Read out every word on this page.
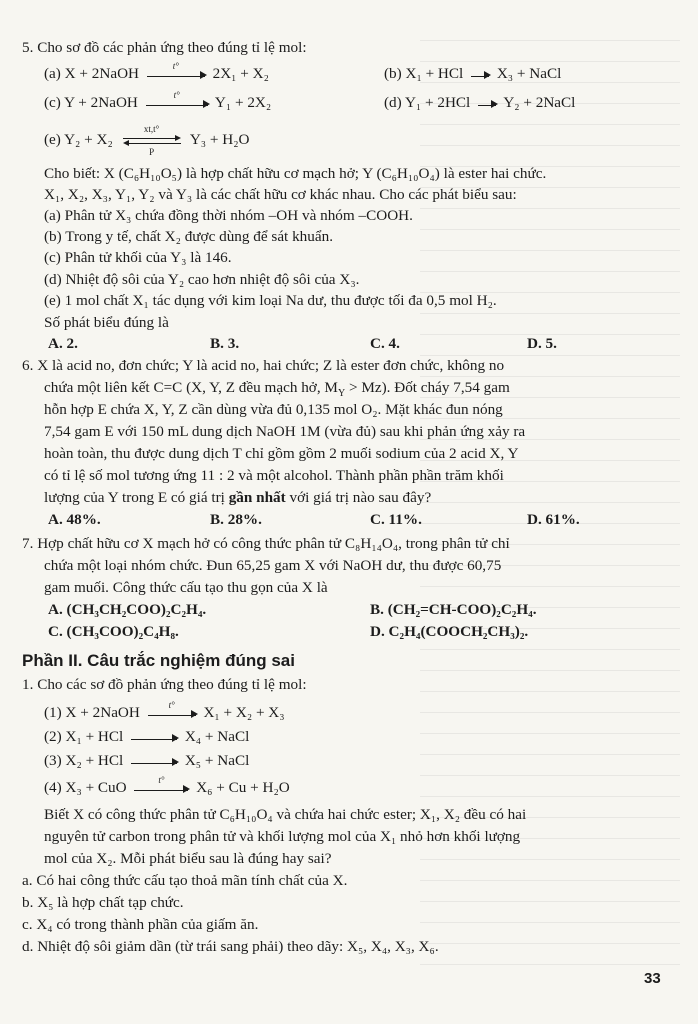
5. Cho sơ đồ các phản ứng theo đúng tỉ lệ mol:
(a) X + 2NaOH	t°	2X₁ + X₂	(b) X₁ + HCl X₃ + NaCl
(c) Y + 2NaOH	t°	Y₁ + 2X₂	(d) Y₁ + 2HCl Y₂ + 2NaCl
(e) Y₂ + X₂
xt,t°
P
Y₃ + H₂O
Cho biết: X (C₆H₁₀O₅) là hợp chất hữu cơ mạch hở; Y (C₆H₁₀O₄) là ester hai chức.
X₁, X₂, X₃, Y₁, Y₂ và Y₃ là các chất hữu cơ khác nhau. Cho các phát biểu sau:
(a) Phân tử X₃ chứa đồng thời nhóm –OH và nhóm –COOH.
(b) Trong y tế, chất X₂ được dùng để sát khuẩn.
(c) Phân tử khối của Y₃ là 146.
(d) Nhiệt độ sôi của Y₂ cao hơn nhiệt độ sôi của X₃.
(e) 1 mol chất X₁ tác dụng với kim loại Na dư, thu được tối đa 0,5 mol H₂.
Số phát biểu đúng là
A. 2.	B. 3.	C. 4.	D. 5.
6. X là acid no, đơn chức; Y là acid no, hai chức; Z là ester đơn chức, không no
chứa một liên kết C=C (X, Y, Z đều mạch hở, $M_Y > Mz$). Đốt cháy 7,54 gam
hỗn hợp E chứa X, Y, Z cần dùng vừa đủ 0,135 mol O₂. Mặt khác đun nóng
7,54 gam E với 150 mL dung dịch NaOH 1M (vừa đủ) sau khi phản ứng xảy ra
hoàn toàn, thu được dung dịch T chỉ gồm gồm 2 muối sodium của 2 acid X, Y
có tỉ lệ số mol tương ứng 11 : 2 và một alcohol. Thành phần phần trăm khối
lượng của Y trong E có giá trị gần nhất với giá trị nào sau đây?
A. 48%.	B. 28%.	C. 11%.	D. 61%.
7. Hợp chất hữu cơ X mạch hở có công thức phân tử C₈H₁₄O₄, trong phân tử chỉ
chứa một loại nhóm chức. Đun 65,25 gam X với NaOH dư, thu được 60,75
gam muối. Công thức cấu tạo thu gọn của X là
A. (CH₃CH₂COO)₂C₂H₄.	B. (CH₂=CH-COO)₂C₂H₄.
C. (CH₃COO)₂C₄H₈.	D. C₂H₄(COOCH₂CH₃)₂.
Phần II. Câu trắc nghiệm đúng sai
1. Cho các sơ đồ phản ứng theo đúng tỉ lệ mol:
(1) X + 2NaOH	t°	X₁ + X₂ + X₃
(2) X₁ + HCl	X₄ + NaCl
(3) X₂ + HCl	X₅ + NaCl
(4) X₃ + CuO	t°	X₆ + Cu + H₂O
Biết X có công thức phân tử C₆H₁₀O₄ và chứa hai chức ester; X₁, X₂ đều có hai
nguyên tử carbon trong phân tử và khối lượng mol của X₁ nhỏ hơn khối lượng
mol của X₂. Mỗi phát biểu sau là đúng hay sai?
a. Có hai công thức cấu tạo thoả mãn tính chất của X.
b. X₅ là hợp chất tạp chức.
c. X₄ có trong thành phần của giấm ăn.
d. Nhiệt độ sôi giảm dần (từ trái sang phải) theo dãy: X₅, X₄, X₃, X₆.
33
